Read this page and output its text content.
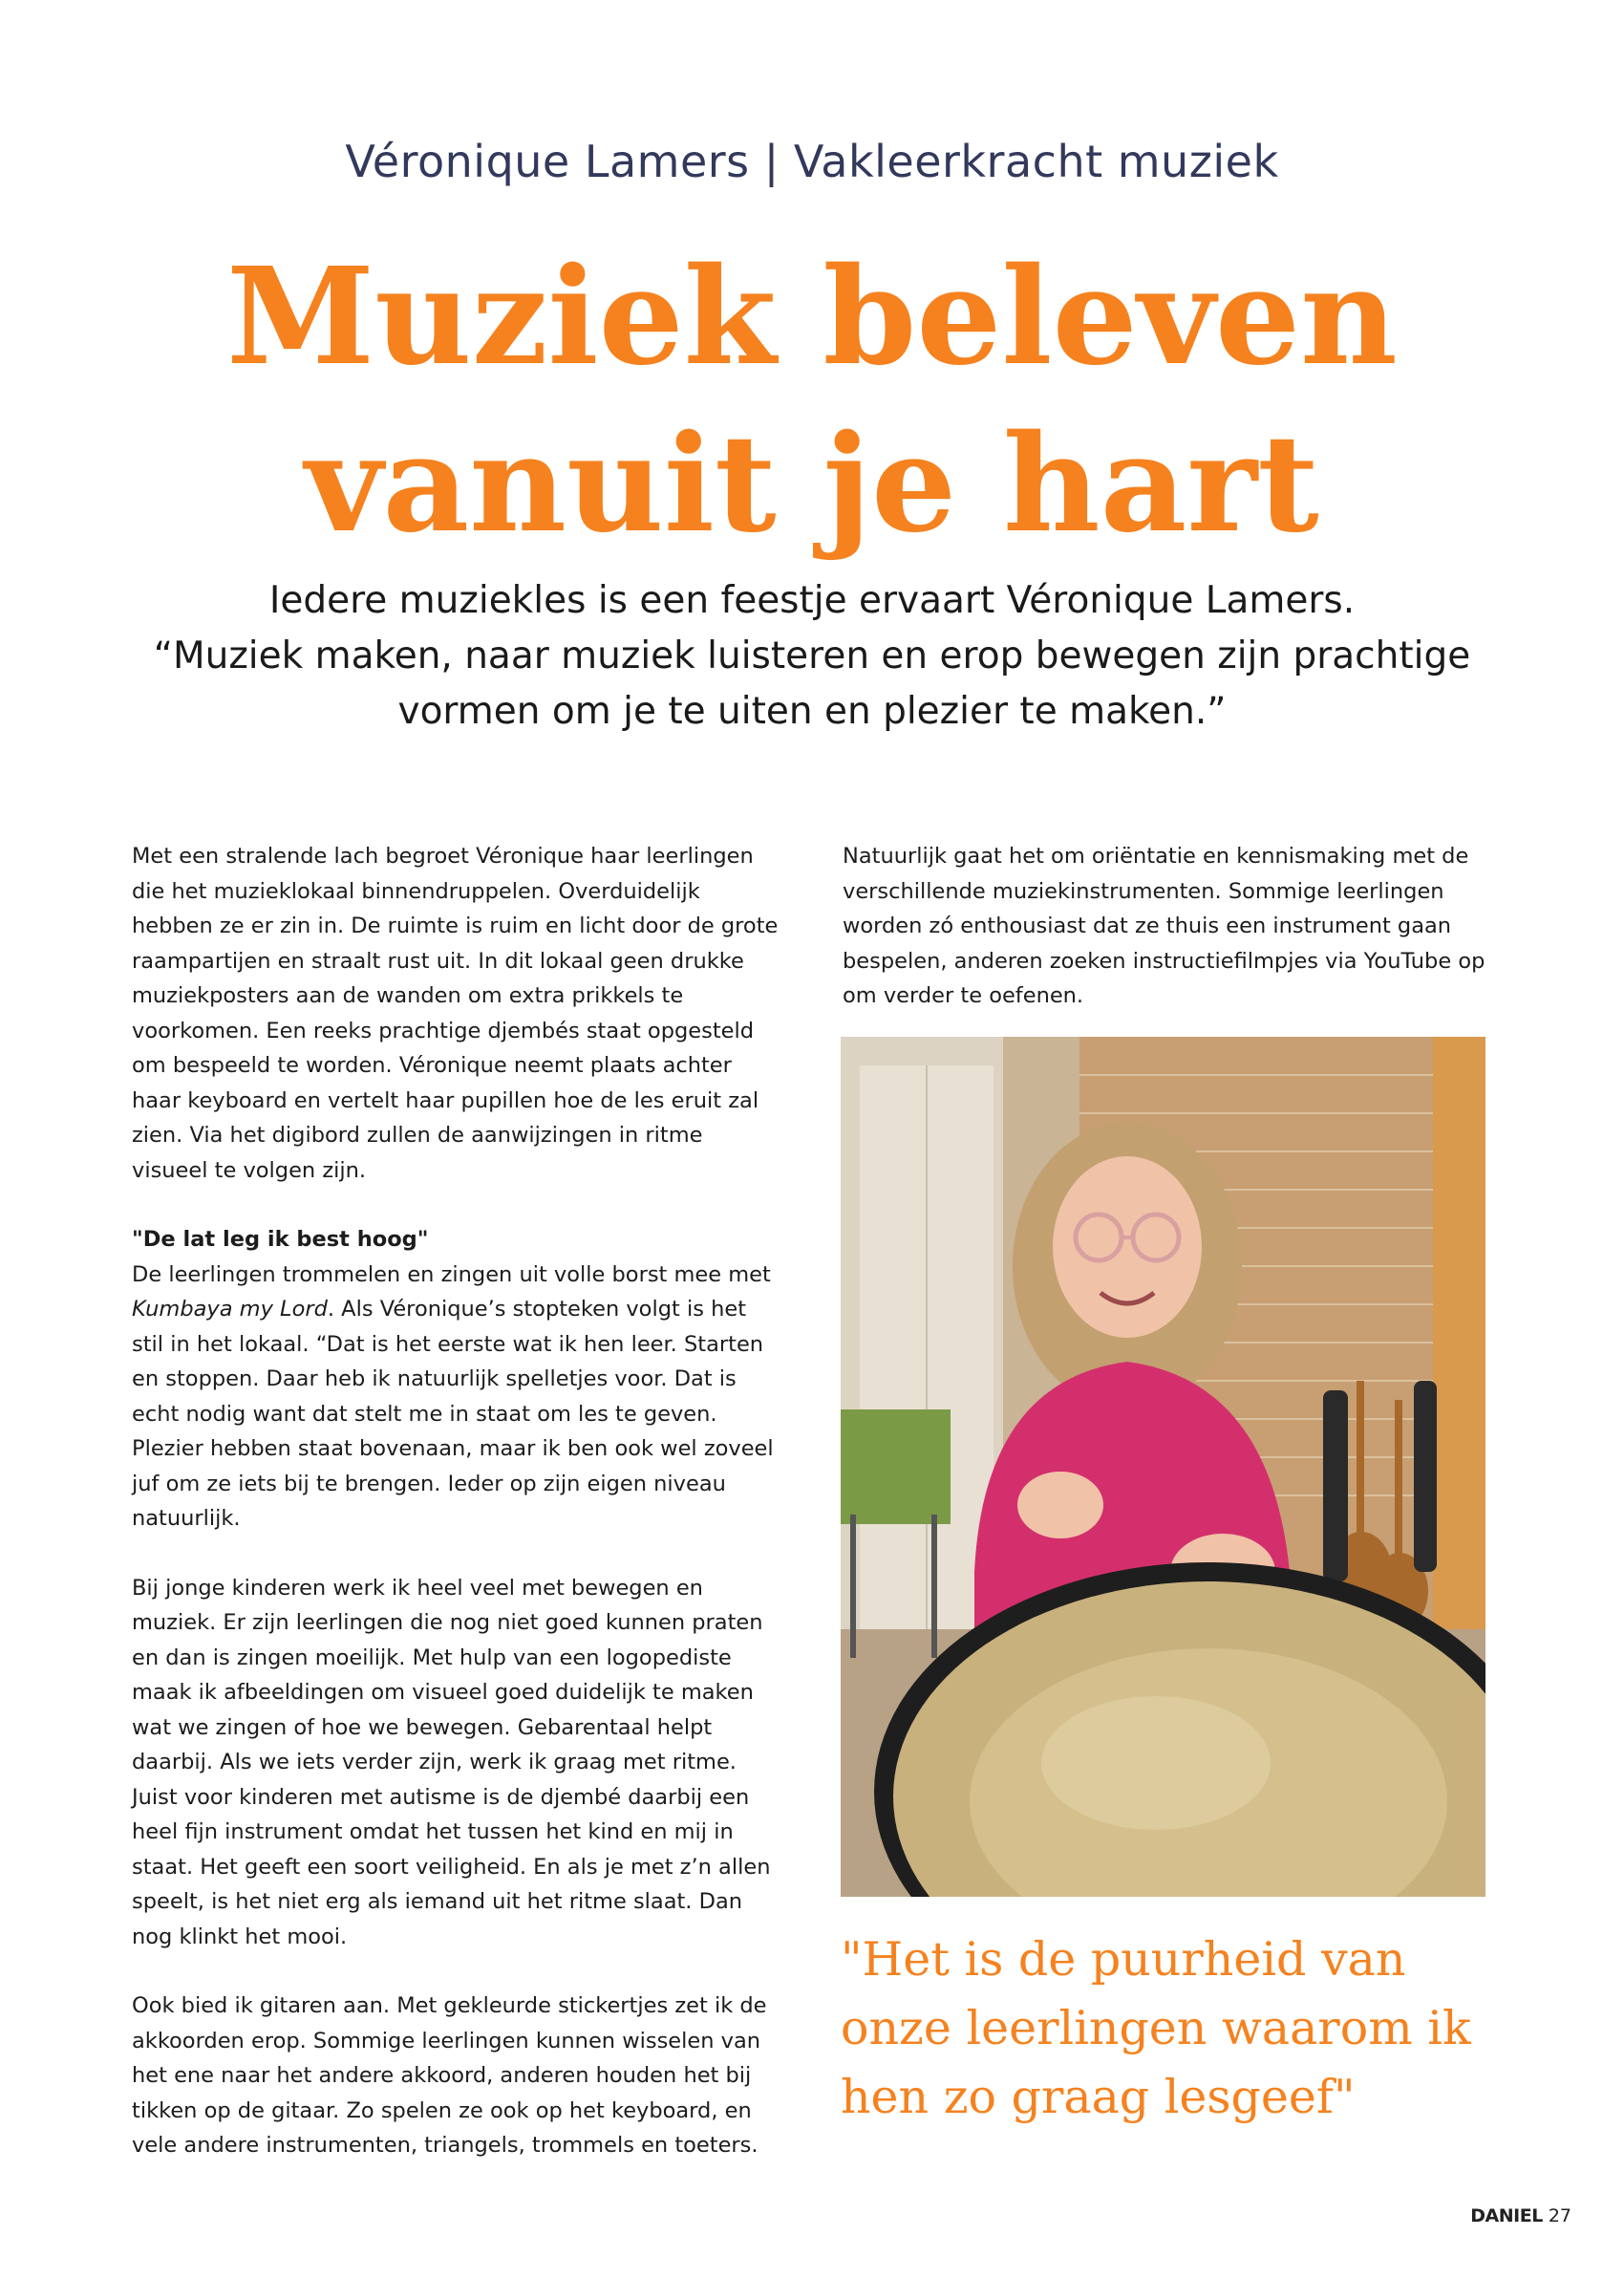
Véronique Lamers | Vakleerkracht muziek
Muziek beleven
vanuit je hart
Iedere muziekles is een feestje ervaart Véronique Lamers.
“Muziek maken, naar muziek luisteren en erop bewegen zijn prachtige
vormen om je te uiten en plezier te maken.”

Met een stralende lach begroet Véronique haar leerlingen die het muzieklokaal binnendruppelen. Overduidelijk hebben ze er zin in. De ruimte is ruim en licht door de grote raampartijen en straalt rust uit. In dit lokaal geen drukke muziekposters aan de wanden om extra prikkels te voorkomen. Een reeks prachtige djembés staat opgesteld om bespeeld te worden. Véronique neemt plaats achter haar keyboard en vertelt haar pupillen hoe de les eruit zal zien. Via het digibord zullen de aanwijzingen in ritme visueel te volgen zijn.

"De lat leg ik best hoog"
De leerlingen trommelen en zingen uit volle borst mee met Kumbaya my Lord. Als Véronique’s stopteken volgt is het stil in het lokaal. “Dat is het eerste wat ik hen leer. Starten en stoppen. Daar heb ik natuurlijk spelletjes voor. Dat is echt nodig want dat stelt me in staat om les te geven. Plezier hebben staat bovenaan, maar ik ben ook wel zoveel juf om ze iets bij te brengen. Ieder op zijn eigen niveau natuurlijk.

Bij jonge kinderen werk ik heel veel met bewegen en muziek. Er zijn leerlingen die nog niet goed kunnen praten en dan is zingen moeilijk. Met hulp van een logopediste maak ik afbeeldingen om visueel goed duidelijk te maken wat we zingen of hoe we bewegen. Gebarentaal helpt daarbij. Als we iets verder zijn, werk ik graag met ritme. Juist voor kinderen met autisme is de djembé daarbij een heel fijn instrument omdat het tussen het kind en mij in staat. Het geeft een soort veiligheid. En als je met z’n allen speelt, is het niet erg als iemand uit het ritme slaat. Dan nog klinkt het mooi.

Ook bied ik gitaren aan. Met gekleurde stickertjes zet ik de akkoorden erop. Sommige leerlingen kunnen wisselen van het ene naar het andere akkoord, anderen houden het bij tikken op de gitaar. Zo spelen ze ook op het keyboard, en vele andere instrumenten, triangels, trommels en toeters.

Natuurlijk gaat het om oriëntatie en kennismaking met de verschillende muziekinstrumenten. Sommige leerlingen worden zó enthousiast dat ze thuis een instrument gaan bespelen, anderen zoeken instructiefilmpjes via YouTube op om verder te oefenen.

"Het is de puurheid van
onze leerlingen waarom ik
hen zo graag lesgeef"
DANIEL 27
